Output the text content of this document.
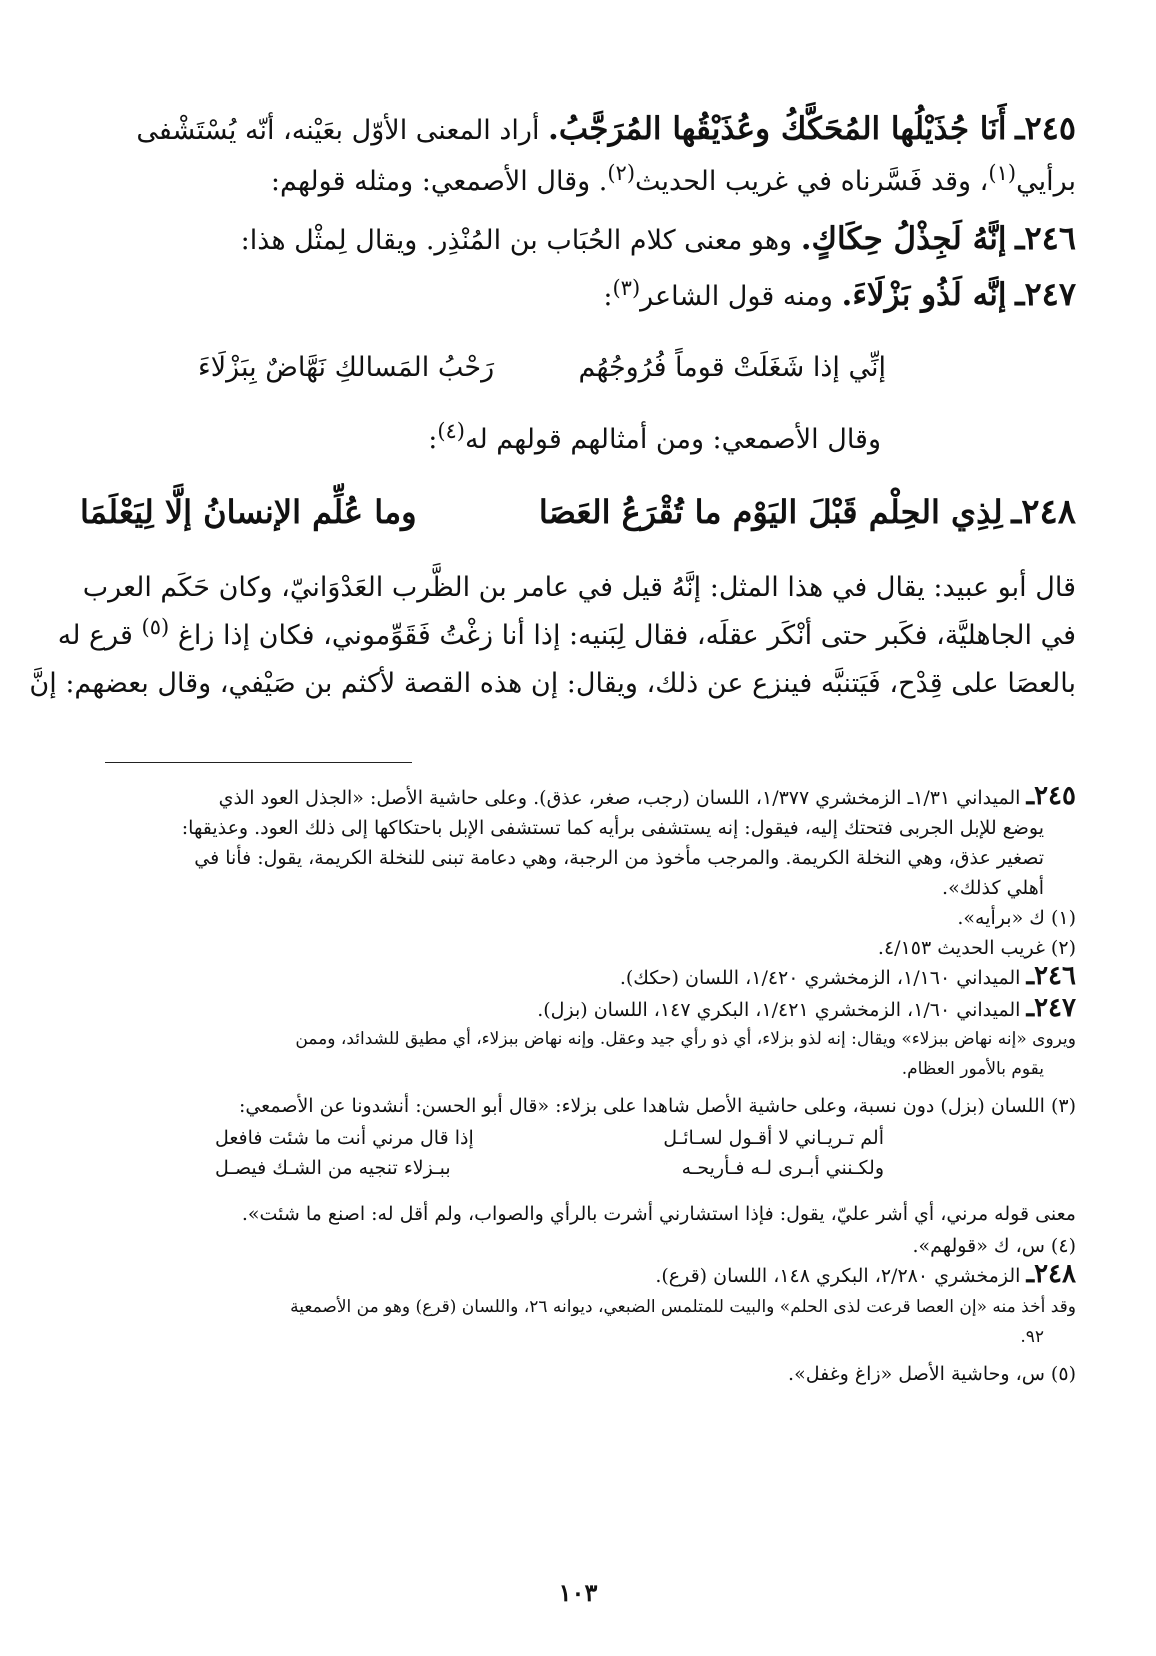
٢٤٥ـ أَنَا جُذَيْلُها المُحَكَّكُ وعُذَيْقُها المُرَجَّبُ. أراد المعنى الأوّل بعَيْنه، أنّه يُسْتَشْفى
برأيي$^{(١)}$، وقد فَسَّرناه في غريب الحديث$^{(٢)}$. وقال الأصمعي: ومثله قولهم:
٢٤٦ـ إنَّهُ لَجِذْلُ حِكَاكٍ. وهو معنى كلام الحُبَاب بن المُنْذِر. ويقال لِمثْل هذا:
٢٤٧ـ إنَّه لَذُو بَزْلَاءَ. ومنه قول الشاعر$^{(٣)}$:
إنِّي إذا شَغَلَتْ قوماً فُرُوجُهُم
رَحْبُ المَسالكِ نَهَّاضٌ بِبَزْلَاءَ
وقال الأصمعي: ومن أمثالهم قولهم له$^{(٤)}$:
٢٤٨ـ لِذِي الحِلْم قَبْلَ اليَوْم ما تُقْرَعُ العَصَا
وما عُلِّم الإنسانُ إلَّا لِيَعْلَمَا
قال أبو عبيد: يقال في هذا المثل: إنَّهُ قيل في عامر بن الظَّرب العَدْوَانيّ، وكان حَكَم العرب
في الجاهليَّة، فكَبر حتى أنْكَر عقلَه، فقال لِبَنيه: إذا أنا زغْتُ فَقَوِّموني، فكان إذا زاغ $^{(٥)}$ قرع له
بالعصَا على قِدْح، فَيَتنبَّه فينزع عن ذلك، ويقال: إن هذه القصة لأكثم بن صَيْفي، وقال بعضهم: إنَّ
٢٤٥ـ الميداني ١/٣١ـ الزمخشري ١/٣٧٧، اللسان (رجب، صغر، عذق). وعلى حاشية الأصل: «الجذل العود الذي
يوضع للإبل الجربى فتحتك إليه، فيقول: إنه يستشفى برأيه كما تستشفى الإبل باحتكاكها إلى ذلك العود. وعذيقها:
تصغير عذق، وهي النخلة الكريمة. والمرجب مأخوذ من الرجبة، وهي دعامة تبنى للنخلة الكريمة، يقول: فأنا في
أهلي كذلك».
(١) ك «برأيه».
(٢) غريب الحديث ٤/١٥٣.
٢٤٦ـ الميداني ١/١٦٠، الزمخشري ١/٤٢٠، اللسان (حكك).
٢٤٧ـ الميداني ١/٦٠، الزمخشري ١/٤٢١، البكري ١٤٧، اللسان (بزل).
ويروى «إنه نهاض ببزلاء» ويقال: إنه لذو بزلاء، أي ذو رأي جيد وعقل. وإنه نهاض ببزلاء، أي مطيق للشدائد، وممن
يقوم بالأمور العظام.
(٣) اللسان (بزل) دون نسبة، وعلى حاشية الأصل شاهدا على بزلاء: «قال أبو الحسن: أنشدونا عن الأصمعي:
ألم تـريـاني لا أقـول لسـائـل
إذا قال مرني أنت ما شئت فافعل
ولكـنني أبـرى لـه فـأريحـه
ببـزلاء تنجيه من الشـك فيصـل
معنى قوله مرني، أي أشر عليّ، يقول: فإذا استشارني أشرت بالرأي والصواب، ولم أقل له: اصنع ما شئت».
(٤) س، ك «قولهم».
٢٤٨ـ الزمخشري ٢/٢٨٠، البكري ١٤٨، اللسان (قرع).
وقد أخذ منه «إن العصا قرعت لذى الحلم» والبيت للمتلمس الضبعي، ديوانه ٢٦، واللسان (قرع) وهو من الأصمعية
٩٢.
(٥) س، وحاشية الأصل «زاغ وغفل».
١٠٣
